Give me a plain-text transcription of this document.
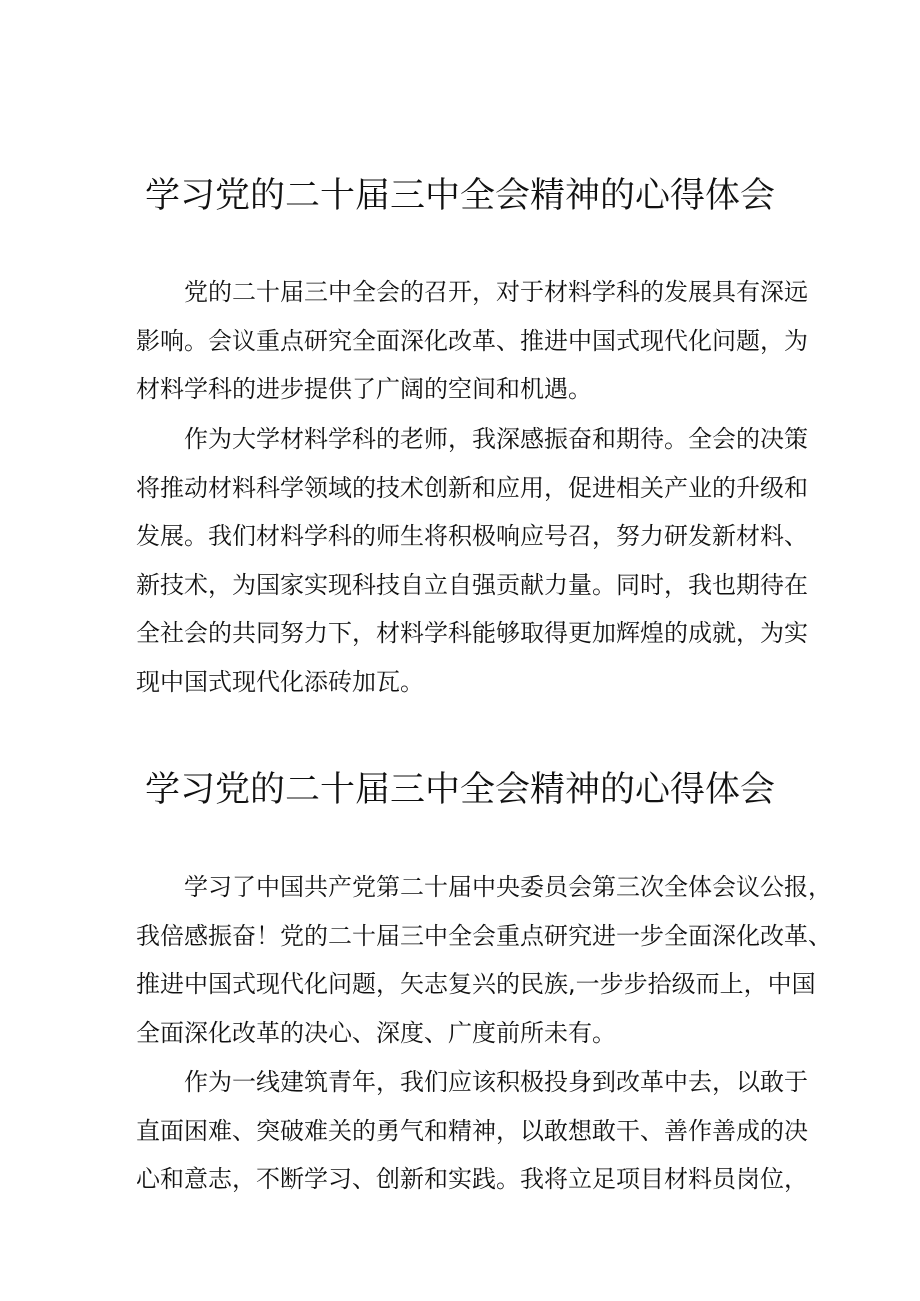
学习党的二十届三中全会精神的心得体会
党的二十届三中全会的召开，对于材料学科的发展具有深远
影响。会议重点研究全面深化改革、推进中国式现代化问题，为
材料学科的进步提供了广阔的空间和机遇。
作为大学材料学科的老师，我深感振奋和期待。全会的决策
将推动材料科学领域的技术创新和应用，促进相关产业的升级和
发展。我们材料学科的师生将积极响应号召，努力研发新材料、
新技术，为国家实现科技自立自强贡献力量。同时，我也期待在
全社会的共同努力下，材料学科能够取得更加辉煌的成就，为实
现中国式现代化添砖加瓦。
学习党的二十届三中全会精神的心得体会
学习了中国共产党第二十届中央委员会第三次全体会议公报，
我倍感振奋！党的二十届三中全会重点研究进一步全面深化改革、
推进中国式现代化问题，矢志复兴的民族,一步步拾级而上，中国
全面深化改革的决心、深度、广度前所未有。
作为一线建筑青年，我们应该积极投身到改革中去，以敢于
直面困难、突破难关的勇气和精神，以敢想敢干、善作善成的决
心和意志，不断学习、创新和实践。我将立足项目材料员岗位，
